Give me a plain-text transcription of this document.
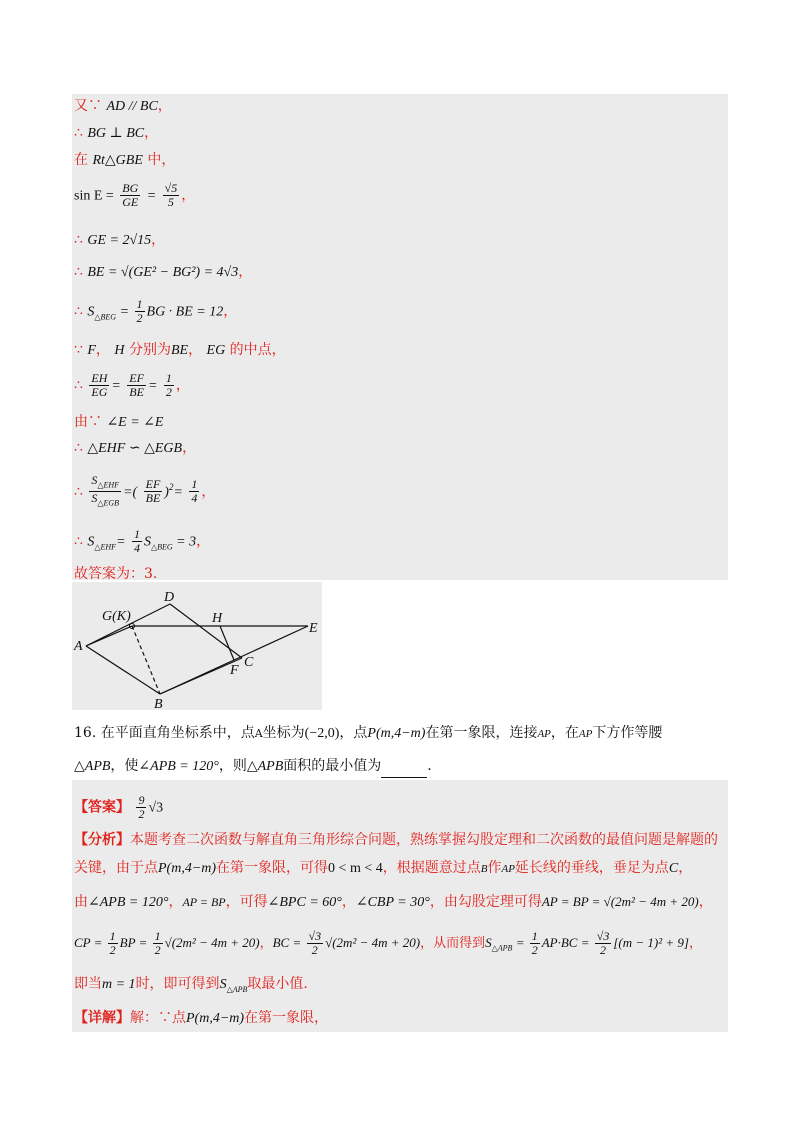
又∵ AD // BC，
∴ BG ⊥ BC，
在 Rt△GBE 中，
$\sin E = \frac{BG}{GE} = \frac{√5}{5}$ ，
∴ GE = 2√15，
∴ BE = √(GE² − BG²) = 4√3，
∴ $S_{\triangle BEG} = \frac{1}{2}$ BG · BE = 12，
∵ F， H 分别为BE， EG 的中点，
∴ $\frac{EH}{EG} = \frac{EF}{BE} = \frac{1}{2}$ ，
由∵ ∠E = ∠E
∴ △EHF ∽ △EGB，
∴ $\frac{S_{\triangle EHF}}{S_{\triangle EGB}}$ =( $\frac{EF}{BE} )^2= \frac{1}{4}$ ，
∴ $S_{\triangle EHF}= \frac{1}{4} S_{\triangle BEG} = 3$，
故答案为：3.
D
G(K)	H
E
A
C
F
B
16. 在平面直角坐标系中，点A坐标为(−2,0)，点P(m,4−m)在第一象限，连接AP，在AP下方作等腰
△APB，使∠APB = 120°，则△APB面积的最小值为	.
【答案】 $\frac{9}{2} √3$
【分析】本题考查二次函数与解直角三角形综合问题，熟练掌握勾股定理和二次函数的最值问题是解题的
关键，由于点P(m,4−m)在第一象限，可得0 < m < 4，根据题意过点B作AP延长线的垂线，垂足为点C，
由∠APB = 120°，AP = BP，可得∠BPC = 60°，∠CBP = 30°，由勾股定理可得AP = BP = √(2m² − 4m + 20)，
CP = $\frac{1}{2}$ BP = $\frac{1}{2} √(2m^2 - 4m + 20)$，BC = $\frac{√3}{2} √(2m^2 - 4m + 20)$，从而得到$S_{\triangle APB} = \frac{1}{2} AP\cdot BC = \frac{√3}{2} [(m - 1)^2 + 9]$，
即当m = 1时，即可得到$S_{\triangle APB}$取最小值.
【详解】解：∵点P(m,4−m)在第一象限，
